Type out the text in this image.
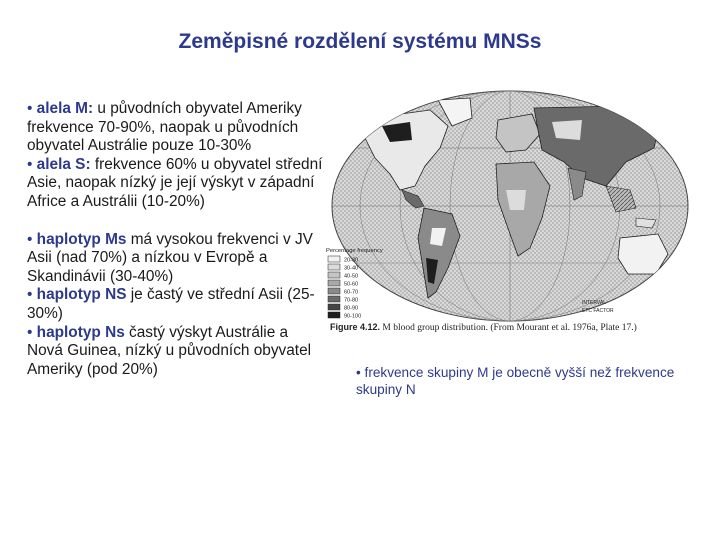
Zeměpisné rozdělení systému MNSs

• alela M: u původních obyvatel Ameriky frekvence 70-90%, naopak u původních obyvatel Austrálie pouze 10-30%

• alela S: frekvence 60% u obyvatel střední Asie, naopak nízký je její výskyt v západní Africe a Austrálii (10-20%)

• haplotyp Ms má vysokou frekvenci v JV Asii (nad 70%) a nízkou v Evropě a Skandinávii (30-40%)

• haplotyp NS je častý ve střední Asii (25-30%)

• haplotyp Ns častý výskyt Austrálie a Nová Guinea, nízký u původních obyvatel Ameriky (pod 20%)

Percentage frequency
20-30
30-40
40-50
50-60
60-70
70-80
80-90
90-100
INTERVAL
ETC FACTOR
Figure 4.12. M blood group distribution. (From Mourant et al. 1976a, Plate 17.)
• frekvence skupiny M je obecně vyšší než frekvence skupiny N
